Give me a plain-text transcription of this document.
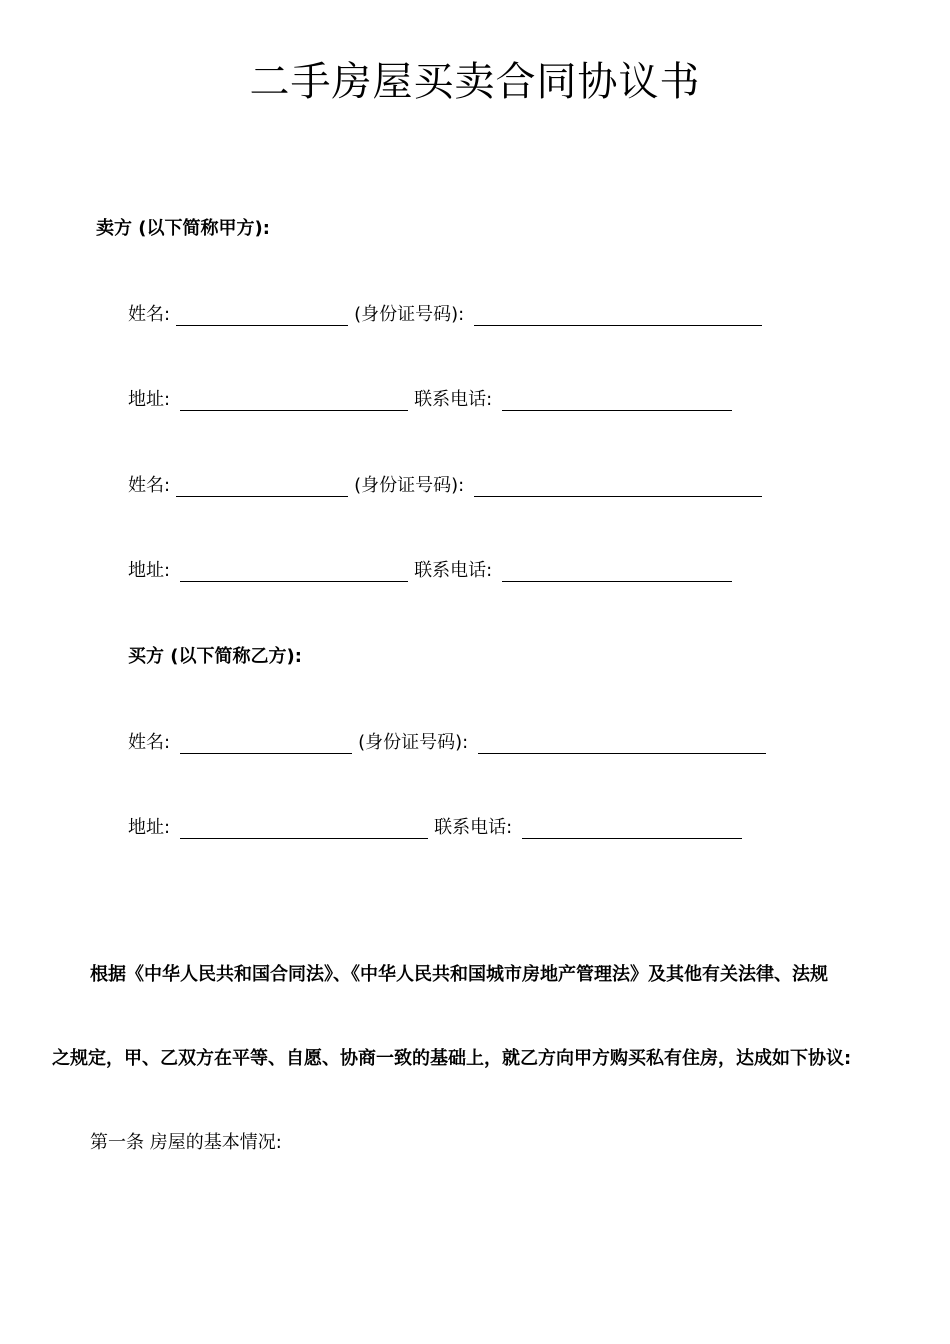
二手房屋买卖合同协议书
卖方 (以下简称甲方):
姓名:	(身份证号码):
地址:	联系电话:
姓名:	(身份证号码):
地址:	联系电话:
买方 (以下简称乙方):
姓名:	(身份证号码):
地址:	联系电话:
根据《中华人民共和国合同法》、《中华人民共和国城市房地产管理法》及其他有关法律、法规
之规定，甲、乙双方在平等、自愿、协商一致的基础上，就乙方向甲方购买私有住房，达成如下协议:
第一条 房屋的基本情况:
